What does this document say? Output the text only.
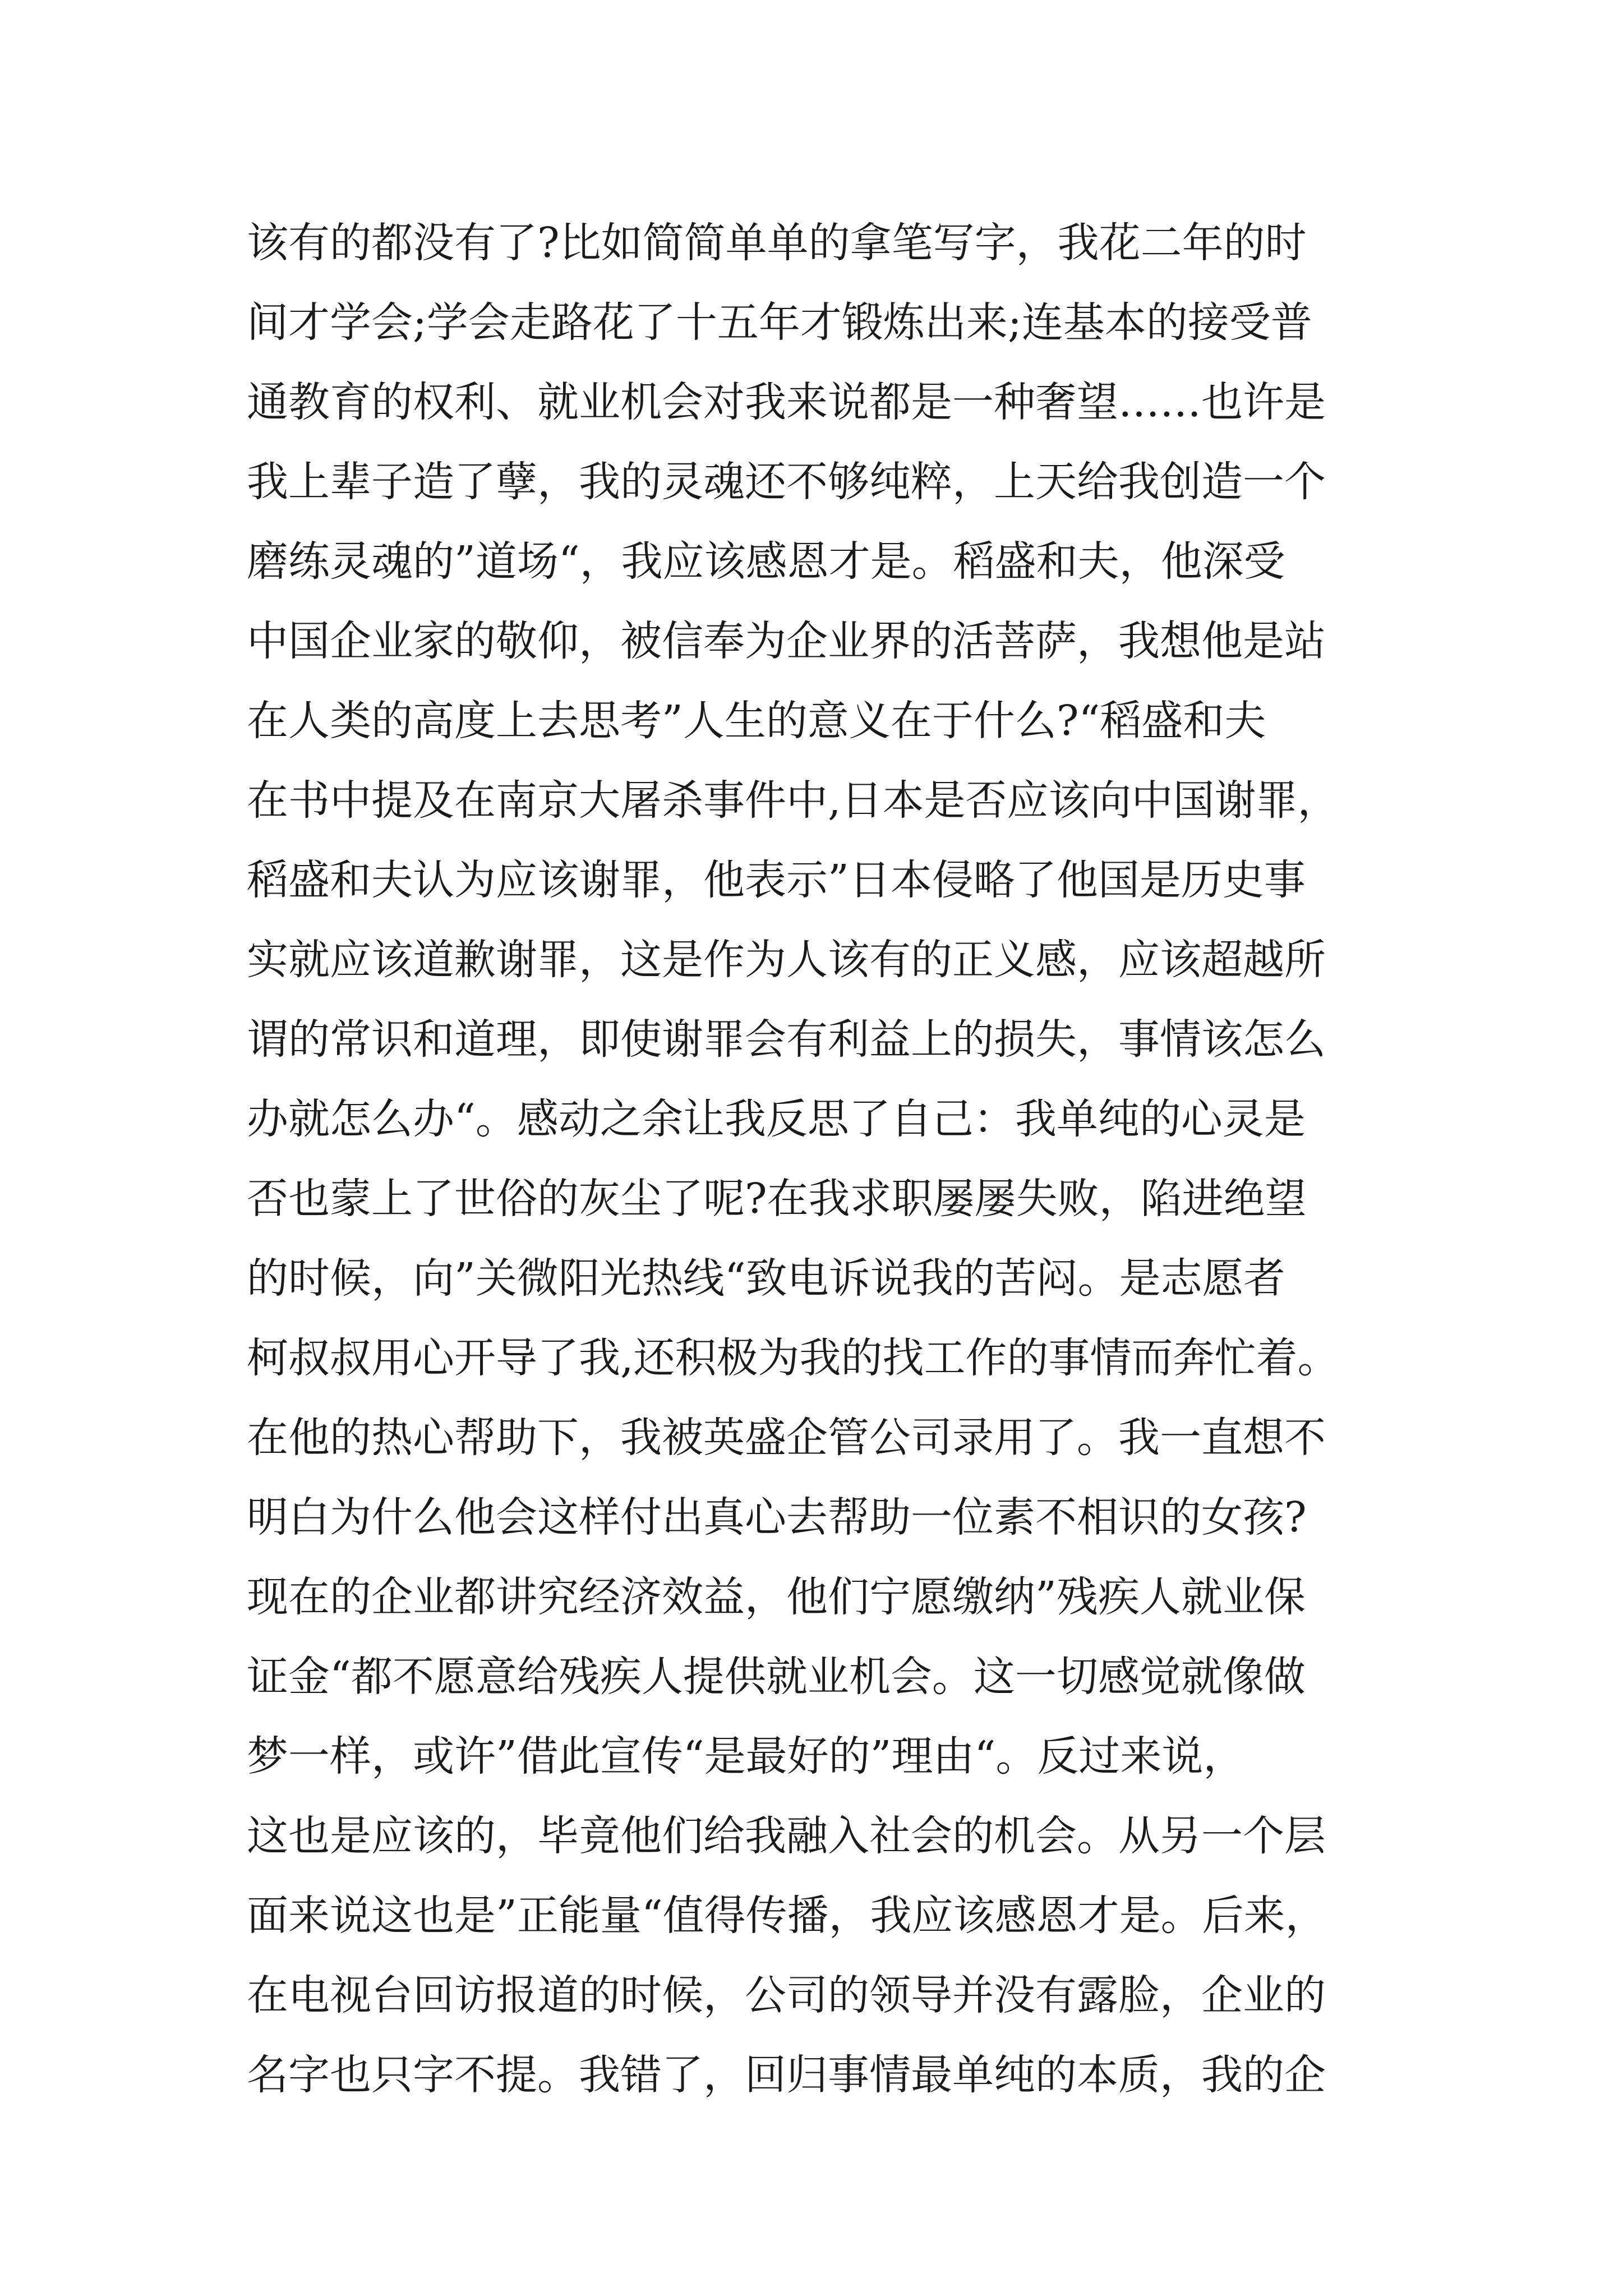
该有的都没有了?比如简简单单的拿笔写字，我花二年的时
间才学会;学会走路花了十五年才锻炼出来;连基本的接受普
通教育的权利、就业机会对我来说都是一种奢望……也许是
我上辈子造了孽，我的灵魂还不够纯粹，上天给我创造一个
磨练灵魂的”道场“，我应该感恩才是。稻盛和夫，他深受
中国企业家的敬仰，被信奉为企业界的活菩萨，我想他是站
在人类的高度上去思考”人生的意义在于什么?“稻盛和夫
在书中提及在南京大屠杀事件中,日本是否应该向中国谢罪，
稻盛和夫认为应该谢罪，他表示”日本侵略了他国是历史事
实就应该道歉谢罪，这是作为人该有的正义感，应该超越所
谓的常识和道理，即使谢罪会有利益上的损失，事情该怎么
办就怎么办“。感动之余让我反思了自己：我单纯的心灵是
否也蒙上了世俗的灰尘了呢?在我求职屡屡失败，陷进绝望
的时候，向”关微阳光热线“致电诉说我的苦闷。是志愿者
柯叔叔用心开导了我,还积极为我的找工作的事情而奔忙着。
在他的热心帮助下，我被英盛企管公司录用了。我一直想不
明白为什么他会这样付出真心去帮助一位素不相识的女孩?
现在的企业都讲究经济效益，他们宁愿缴纳”残疾人就业保
证金“都不愿意给残疾人提供就业机会。这一切感觉就像做
梦一样，或许”借此宣传“是最好的”理由“。反过来说，
这也是应该的，毕竟他们给我融入社会的机会。从另一个层
面来说这也是”正能量“值得传播，我应该感恩才是。后来，
在电视台回访报道的时候，公司的领导并没有露脸，企业的
名字也只字不提。我错了，回归事情最单纯的本质，我的企
